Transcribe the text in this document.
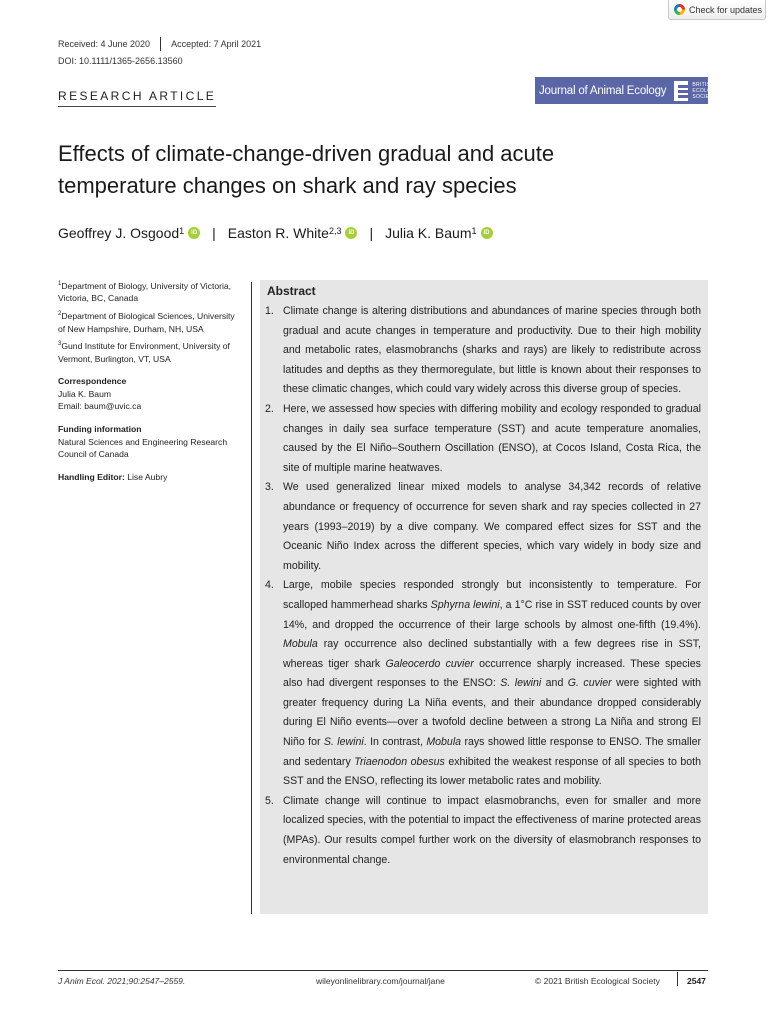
Check for updates
Received: 4 June 2020 Accepted: 7 April 2021
DOI: 10.1111/1365-2656.13560
RESEARCH ARTICLE	Journal of Animal Ecology	BRITISH ECOLOGICAL SOCIETY
Effects of climate-change-driven gradual and acute
temperature changes on shark and ray species
Geoffrey J. Osgood$^1$	iD | Easton R. White$^{2,3}$	iD | Julia K. Baum$^1$	iD
$^1$Department of Biology, University of Victoria, Victoria, BC, Canada
$^2$Department of Biological Sciences, University of New Hampshire, Durham, NH, USA
$^3$Gund Institute for Environment, University of Vermont, Burlington, VT, USA
Correspondence
Julia K. Baum
Email: baum@uvic.ca
Funding information
Natural Sciences and Engineering Research Council of Canada
Handling Editor: Lise Aubry
Abstract
1. Climate change is altering distributions and abundances of marine species through both gradual and acute changes in temperature and productivity. Due to their high mobility and metabolic rates, elasmobranchs (sharks and rays) are likely to redistribute across latitudes and depths as they thermoregulate, but little is known about their responses to these climatic changes, which could vary widely across this diverse group of species.
2. Here, we assessed how species with differing mobility and ecology responded to gradual changes in daily sea surface temperature (SST) and acute temperature anomalies, caused by the El Niño–Southern Oscillation (ENSO), at Cocos Island, Costa Rica, the site of multiple marine heatwaves.
3. We used generalized linear mixed models to analyse 34,342 records of relative abundance or frequency of occurrence for seven shark and ray species collected in 27 years (1993–2019) by a dive company. We compared effect sizes for SST and the Oceanic Niño Index across the different species, which vary widely in body size and mobility.
4. Large, mobile species responded strongly but inconsistently to temperature. For scalloped hammerhead sharks Sphyrna lewini, a 1°C rise in SST reduced counts by over 14%, and dropped the occurrence of their large schools by almost one-fifth (19.4%). Mobula ray occurrence also declined substantially with a few degrees rise in SST, whereas tiger shark Galeocerdo cuvier occurrence sharply increased. These species also had divergent responses to the ENSO: S. lewini and G. cuvier were sighted with greater frequency during La Niña events, and their abundance dropped considerably during El Niño events—over a twofold decline between a strong La Niña and strong El Niño for S. lewini. In contrast, Mobula rays showed little response to ENSO. The smaller and sedentary Triaenodon obesus exhibited the weakest response of all species to both SST and the ENSO, reflecting its lower metabolic rates and mobility.
5. Climate change will continue to impact elasmobranchs, even for smaller and more localized species, with the potential to impact the effectiveness of marine protected areas (MPAs). Our results compel further work on the diversity of elasmobranch responses to environmental change.
J Anim Ecol. 2021;90:2547–2559.	wileyonlinelibrary.com/journal/jane	© 2021 British Ecological Society	2547
